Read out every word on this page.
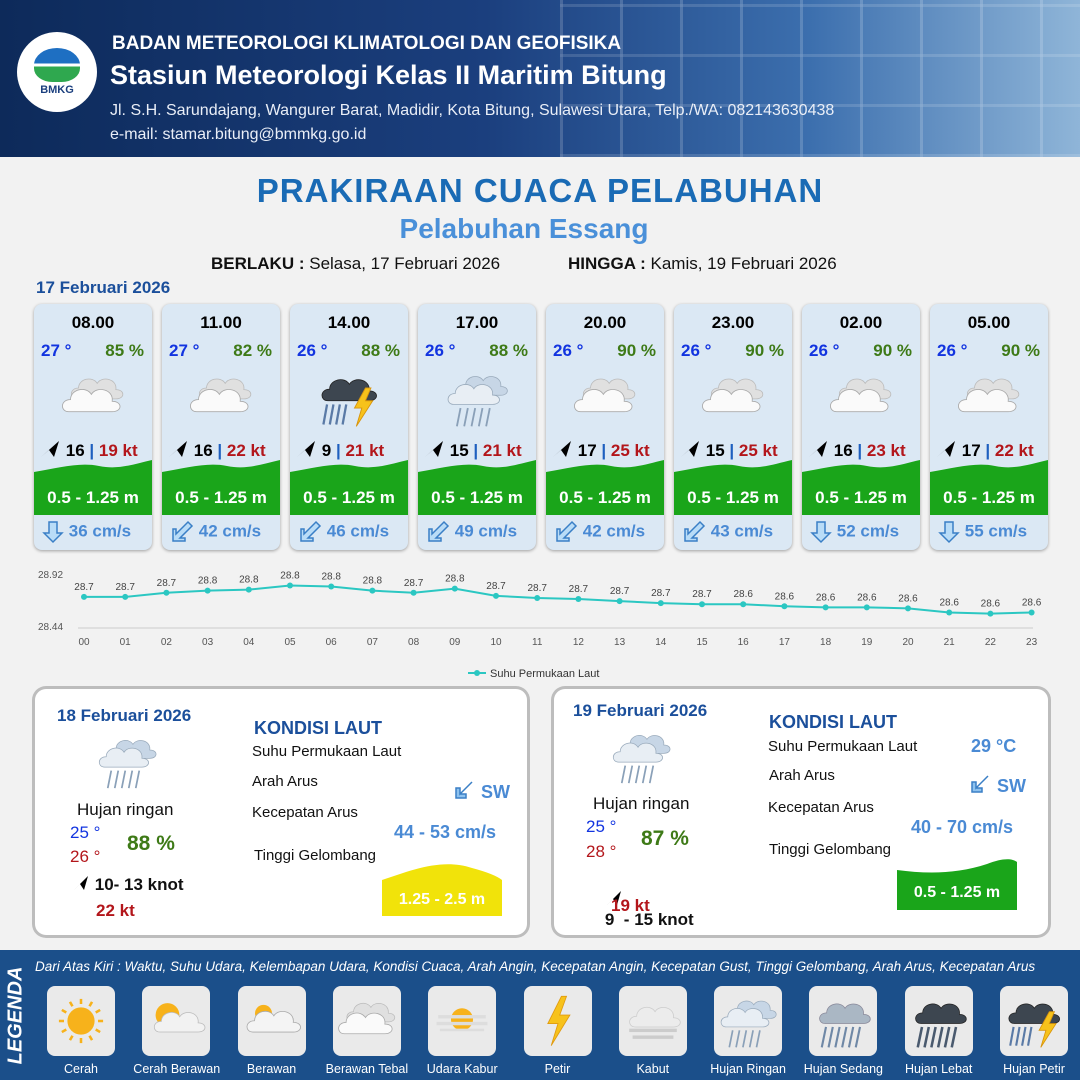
BMKG
BADAN METEOROLOGI KLIMATOLOGI DAN GEOFISIKA
Stasiun Meteorologi Kelas II Maritim Bitung
Jl. S.H. Sarundajang, Wangurer Barat, Madidir, Kota Bitung, Sulawesi Utara, Telp./WA: 082143630438
e-mail: stamar.bitung@bmmkg.go.id
PRAKIRAAN CUACA PELABUHAN
Pelabuhan Essang
BERLAKU : Selasa, 17 Februari 2026	HINGGA : Kamis, 19 Februari 2026
17 Februari 2026
08.00
27 ° 85 %
16 | 19 kt
0.5 - 1.25 m
36 cm/s
11.00
27 ° 82 %
16 | 22 kt
0.5 - 1.25 m
42 cm/s
14.00
26 ° 88 %
9 | 21 kt
0.5 - 1.25 m
46 cm/s
17.00
26 ° 88 %
15 | 21 kt
0.5 - 1.25 m
49 cm/s
20.00
26 ° 90 %
17 | 25 kt
0.5 - 1.25 m
42 cm/s
23.00
26 ° 90 %
15 | 25 kt
0.5 - 1.25 m
43 cm/s
02.00
26 ° 90 %
16 | 23 kt
0.5 - 1.25 m
52 cm/s
05.00
26 ° 90 %
17 | 22 kt
0.5 - 1.25 m
55 cm/s
28.92
28.44
28.7
00
28.7
01
28.7
02
28.8
03
28.8
04
28.8
05
28.8
06
28.8
07
28.7
08
28.8
09
28.7
10
28.7
11
28.7
12
28.7
13
28.7
14
28.7
15
28.6
16
28.6
17
28.6
18
28.6
19
28.6
20
28.6
21
28.6
22
28.6
23
Suhu Permukaan Laut
18 Februari 2026
Hujan ringan
25 °
26 °
88 %
10- 13 knot
22 kt
KONDISI LAUT
Suhu Permukaan Laut
Arah Arus
SW
Kecepatan Arus
44 - 53 cm/s
Tinggi Gelombang
1.25 - 2.5 m
19 Februari 2026
Hujan ringan
25 °
28 °
87 %

9  - 15 knot

19 kt
KONDISI LAUT
Suhu Permukaan Laut	29 °C
Arah Arus
SW
Kecepatan Arus
40 - 70 cm/s
Tinggi Gelombang
0.5 - 1.25 m
LEGENDA Dari Atas Kiri : Waktu, Suhu Udara, Kelembapan Udara, Kondisi Cuaca, Arah Angin, Kecepatan Angin, Kecepatan Gust, Tinggi Gelombang, Arah Arus, Kecepatan Arus
Cerah	Cerah Berawan	Berawan	Berawan Tebal	Udara Kabur	Petir	Kabut	Hujan Ringan	Hujan Sedang	Hujan Lebat	Hujan Petir
